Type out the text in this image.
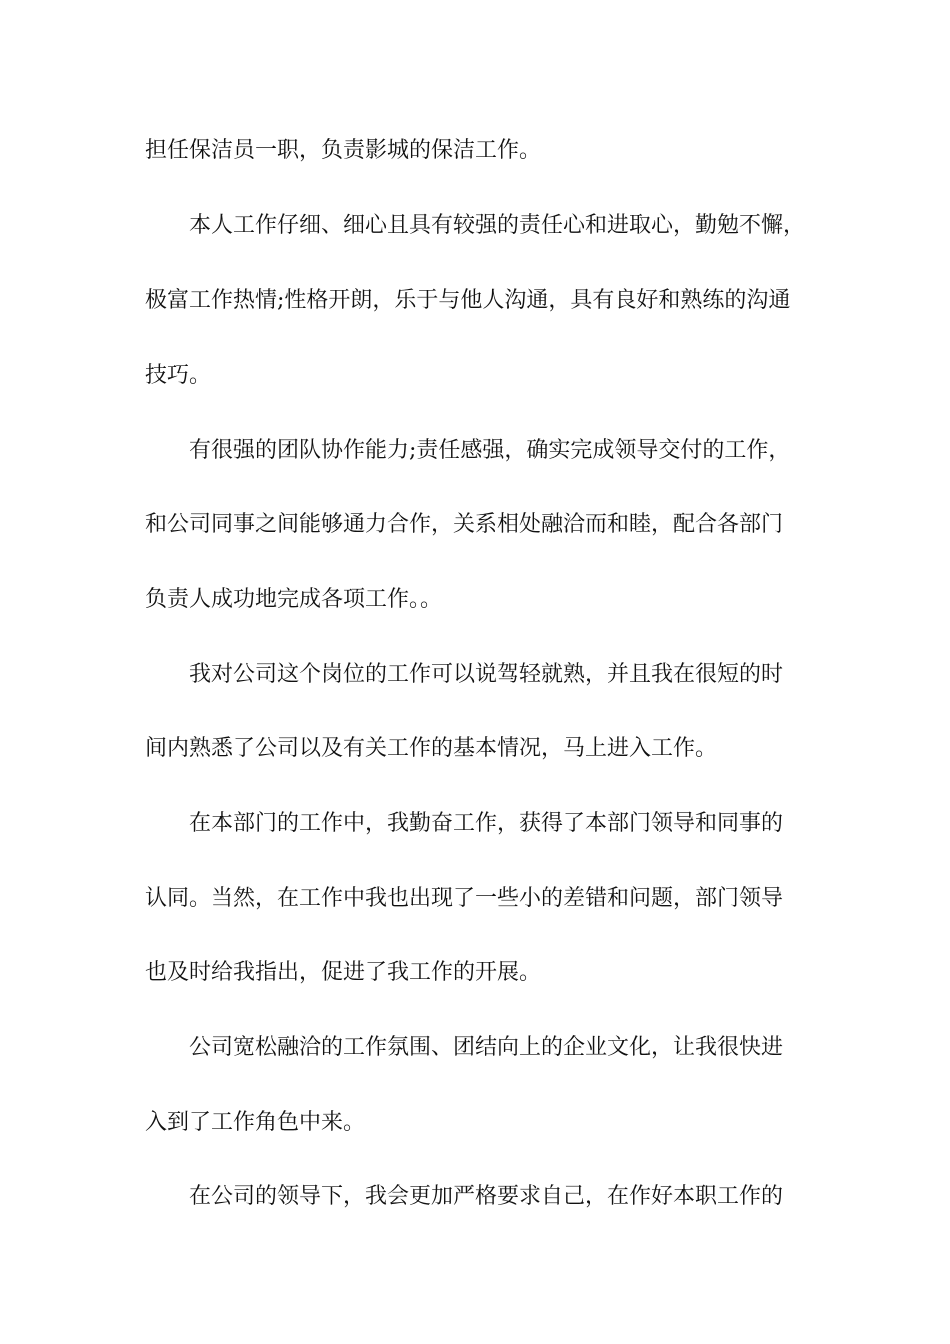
担任保洁员一职，负责影城的保洁工作。
本人工作仔细、细心且具有较强的责任心和进取心，勤勉不懈，
极富工作热情;性格开朗，乐于与他人沟通，具有良好和熟练的沟通
技巧。
有很强的团队协作能力;责任感强，确实完成领导交付的工作，
和公司同事之间能够通力合作，关系相处融洽而和睦，配合各部门
负责人成功地完成各项工作。。
我对公司这个岗位的工作可以说驾轻就熟，并且我在很短的时
间内熟悉了公司以及有关工作的基本情况，马上进入工作。
在本部门的工作中，我勤奋工作，获得了本部门领导和同事的
认同。当然，在工作中我也出现了一些小的差错和问题，部门领导
也及时给我指出，促进了我工作的开展。
公司宽松融洽的工作氛围、团结向上的企业文化，让我很快进
入到了工作角色中来。
在公司的领导下，我会更加严格要求自己，在作好本职工作的
